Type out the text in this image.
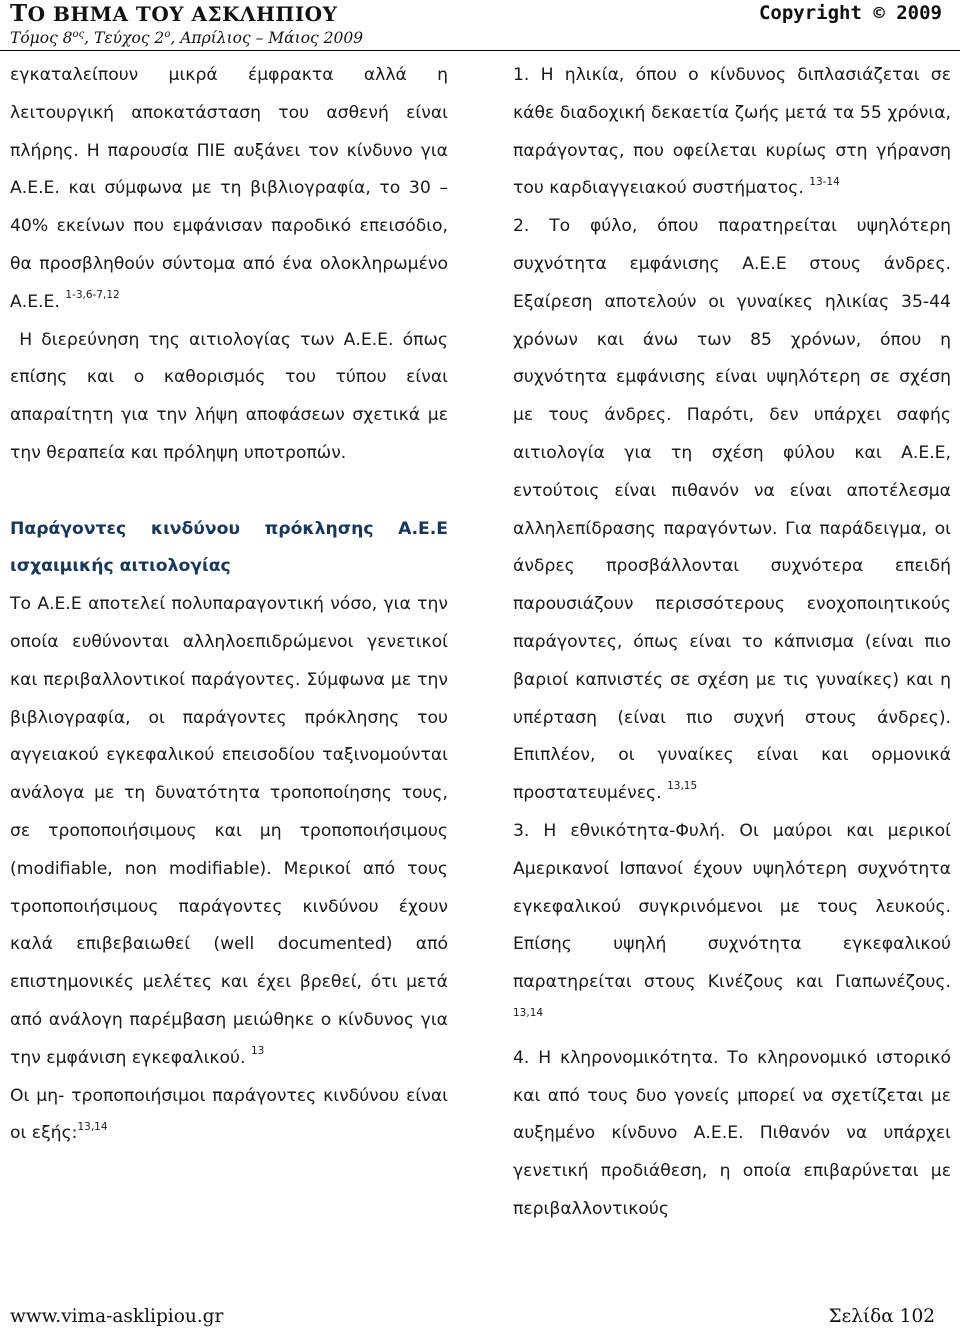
ΤΟ ΒΗΜΑ ΤΟΥ ΑΣΚΛΗΠΙΟΥ
Τόμος $8^{o\varsigma}$, Τεύχος $2^o$, Απρίλιος – Μάιος 2009
Copyright © 2009

εγκαταλείπουν μικρά έμφρακτα αλλά η λειτουργική αποκατάσταση του ασθενή είναι πλήρης. Η παρουσία ΠΙΕ αυξάνει τον κίνδυνο για Α.Ε.Ε. και σύμφωνα με τη βιβλιογραφία, το 30 – 40% εκείνων που εμφάνισαν παροδικό επεισόδιο, θα προσβληθούν σύντομα από ένα ολοκληρωμένο Α.Ε.Ε. $^{1-3,6-7,12}$

Η διερεύνηση της αιτιολογίας των Α.Ε.Ε. όπως επίσης και ο καθορισμός του τύπου είναι απαραίτητη για την λήψη αποφάσεων σχετικά με την θεραπεία και πρόληψη υποτροπών.

Παράγοντες κινδύνου πρόκλησης Α.Ε.Ε ισχαιμικής αιτιολογίας

Το Α.Ε.Ε αποτελεί πολυπαραγοντική νόσο, για την οποία ευθύνονται αλληλοεπιδρώμενοι γενετικοί και περιβαλλοντικοί παράγοντες. Σύμφωνα με την βιβλιογραφία, οι παράγοντες πρόκλησης του αγγειακού εγκεφαλικού επεισοδίου ταξινομούνται ανάλογα με τη δυνατότητα τροποποίησης τους, σε τροποποιήσιμους και μη τροποποιήσιμους (modifiable, non modifiable). Μερικοί από τους τροποποιήσιμους παράγοντες κινδύνου έχουν καλά επιβεβαιωθεί (well documented) από επιστημονικές μελέτες και έχει βρεθεί, ότι μετά από ανάλογη παρέμβαση μειώθηκε ο κίνδυνος για την εμφάνιση εγκεφαλικού. $^{13}$

Οι μη- τροποποιήσιμοι παράγοντες κινδύνου είναι οι εξής:$^{13,14}$

1. Η ηλικία, όπου ο κίνδυνος διπλασιάζεται σε κάθε διαδοχική δεκαετία ζωής μετά τα 55 χρόνια, παράγοντας, που οφείλεται κυρίως στη γήρανση του καρδιαγγειακού συστήματος. $^{13-14}$

2. Το φύλο, όπου παρατηρείται υψηλότερη συχνότητα εμφάνισης Α.Ε.Ε στους άνδρες. Εξαίρεση αποτελούν οι γυναίκες ηλικίας 35-44 χρόνων και άνω των 85 χρόνων, όπου η συχνότητα εμφάνισης είναι υψηλότερη σε σχέση με τους άνδρες. Παρότι, δεν υπάρχει σαφής αιτιολογία για τη σχέση φύλου και Α.Ε.Ε, εντούτοις είναι πιθανόν να είναι αποτέλεσμα αλληλεπίδρασης παραγόντων. Για παράδειγμα, οι άνδρες προσβάλλονται συχνότερα επειδή παρουσιάζουν περισσότερους ενοχοποιητικούς παράγοντες, όπως είναι το κάπνισμα (είναι πιο βαριοί καπνιστές σε σχέση με τις γυναίκες) και η υπέρταση (είναι πιο συχνή στους άνδρες). Επιπλέον, οι γυναίκες είναι και ορμονικά προστατευμένες. $^{13,15}$

3. Η εθνικότητα-Φυλή. Οι μαύροι και μερικοί Αμερικανοί Ισπανοί έχουν υψηλότερη συχνότητα εγκεφαλικού συγκρινόμενοι με τους λευκούς. Επίσης υψηλή συχνότητα εγκεφαλικού παρατηρείται στους Κινέζους και Γιαπωνέζους. $^{13,14}$

4. Η κληρονομικότητα. Το κληρονομικό ιστορικό και από τους δυο γονείς μπορεί να σχετίζεται με αυξημένο κίνδυνο Α.Ε.Ε. Πιθανόν να υπάρχει γενετική προδιάθεση, η οποία επιβαρύνεται με περιβαλλοντικούς

www.vima-asklipiou.gr	Σελίδα 102
